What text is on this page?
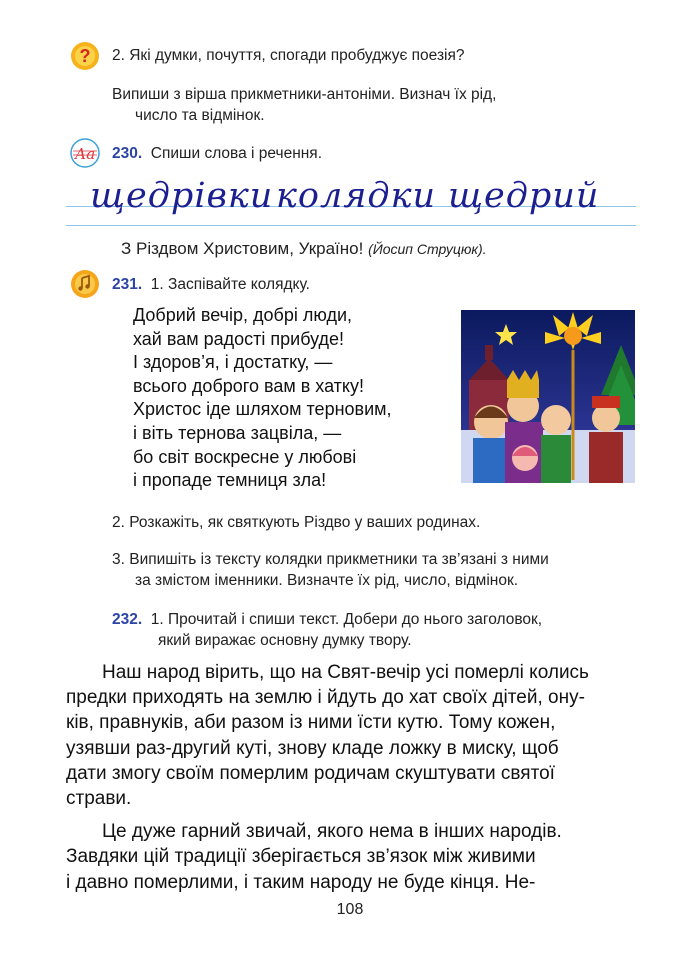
? 2. Які думки, почуття, спогади пробуджує поезія?
Випиши з вірша прикметники-антоніми. Визнач їх рід,
число та відмінок.
Аа 230. Спиши слова і речення.
щедрівки колядки щедрий
З Різдвом Христовим, Україно! (Йосип Струцюк).
231. 1. Заспівайте колядку.
Добрий вечір, добрі люди,
хай вам радості прибуде!
І здоров’я, і достатку, —
всього доброго вам в хатку!
Христос іде шляхом терновим,
і віть тернова зацвіла, —
бо світ воскресне у любові
і пропаде темниця зла!
2. Розкажіть, як святкують Різдво у ваших родинах.
3. Випишіть із тексту колядки прикметники та зв’язані з ними
за змістом іменники. Визначте їх рід, число, відмінок.
232. 1. Прочитай і спиши текст. Добери до нього заголовок,
який виражає основну думку твору.
Наш народ вірить, що на Свят-вечір усі померлі колись
предки приходять на землю і йдуть до хат своїх дітей, ону-
ків, правнуків, аби разом із ними їсти кутю. Тому кожен,
узявши раз-другий куті, знову кладе ложку в миску, щоб
дати змогу своїм померлим родичам скуштувати святої
страви.
Це дуже гарний звичай, якого нема в інших народів.
Завдяки цій традиції зберігається зв’язок між живими
і давно померлими, і таким народу не буде кінця. Не-
108
